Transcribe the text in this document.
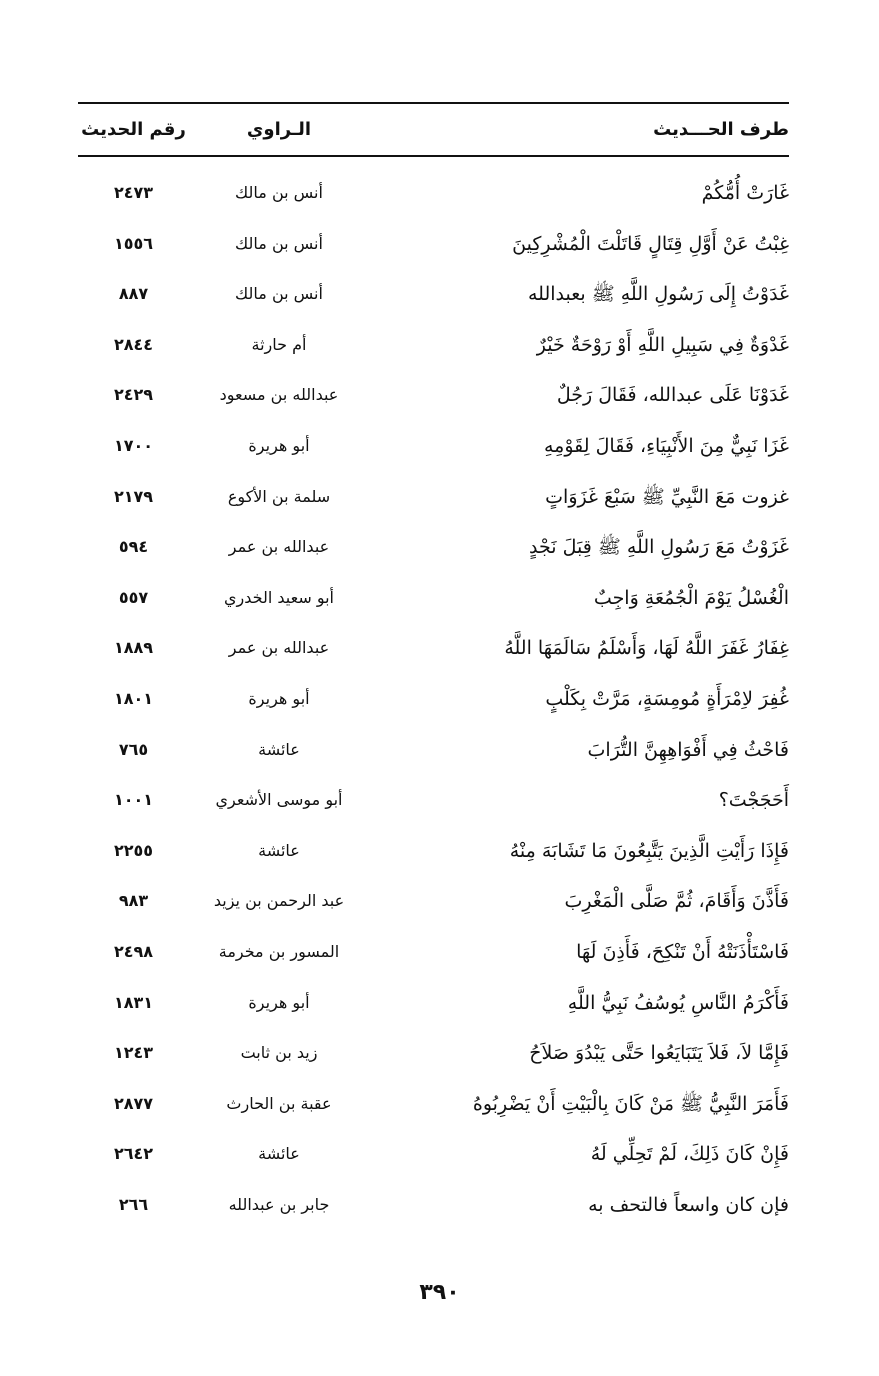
طرف الحـــديث
الـراوي
رقم الحديث
غَارَتْ أُمُّكُمْ
أنس بن مالك
٢٤٧٣
غِبْتُ عَنْ أَوَّلِ قِتَالٍ قَاتَلْتَ الْمُشْرِكِينَ
أنس بن مالك
١٥٥٦
غَدَوْتُ إِلَى رَسُولِ اللَّهِ ﷺ بعبدالله
أنس بن مالك
٨٨٧
غَدْوَةٌ فِي سَبِيلِ اللَّهِ أَوْ رَوْحَةٌ خَيْرٌ
أم حارثة
٢٨٤٤
غَدَوْنَا عَلَى عبدالله، فَقَالَ رَجُلٌ
عبدالله بن مسعود
٢٤٢٩
غَزَا نَبِيٌّ مِنَ الأَنْبِيَاءِ، فَقَالَ لِقَوْمِهِ
أبو هريرة
١٧٠٠
غزوت مَعَ النَّبِيِّ ﷺ سَبْعَ غَزَوَاتٍ
سلمة بن الأكوع
٢١٧٩
غَزَوْتُ مَعَ رَسُولِ اللَّهِ ﷺ قِبَلَ نَجْدٍ
عبدالله بن عمر
٥٩٤
الْغُسْلُ يَوْمَ الْجُمُعَةِ وَاجِبٌ
أبو سعيد الخدري
٥٥٧
غِفَارُ غَفَرَ اللَّهُ لَهَا، وَأَسْلَمُ سَالَمَهَا اللَّهُ
عبدالله بن عمر
١٨٨٩
غُفِرَ لاِمْرَأَةٍ مُومِسَةٍ، مَرَّتْ بِكَلْبٍ
أبو هريرة
١٨٠١
فَاحْثُ فِي أَفْوَاهِهِنَّ التُّرَابَ
عائشة
٧٦٥
أَحَجَجْتَ؟
أبو موسى الأشعري
١٠٠١
فَإِذَا رَأَيْتِ الَّذِينَ يَتَّبِعُونَ مَا تَشَابَهَ مِنْهُ
عائشة
٢٢٥٥
فَأَذَّنَ وَأَقَامَ، ثُمَّ صَلَّى الْمَغْرِبَ
عبد الرحمن بن يزيد
٩٨٣
فَاسْتَأْذَنَتْهُ أَنْ تَنْكِحَ، فَأَذِنَ لَهَا
المسور بن مخرمة
٢٤٩٨
فَأَكْرَمُ النَّاسِ يُوسُفُ نَبِيُّ اللَّهِ
أبو هريرة
١٨٣١
فَإِمَّا لاَ، فَلاَ يَتَبَايَعُوا حَتَّى يَبْدُوَ صَلاَحُ
زيد بن ثابت
١٢٤٣
فَأَمَرَ النَّبِيُّ ﷺ مَنْ كَانَ بِالْبَيْتِ أَنْ يَضْرِبُوهُ
عقبة بن الحارث
٢٨٧٧
فَإِنْ كَانَ ذَلِكَ، لَمْ تَحِلِّي لَهُ
عائشة
٢٦٤٢
فإن كان واسعاً فالتحف به
جابر بن عبدالله
٢٦٦
٣٩٠
